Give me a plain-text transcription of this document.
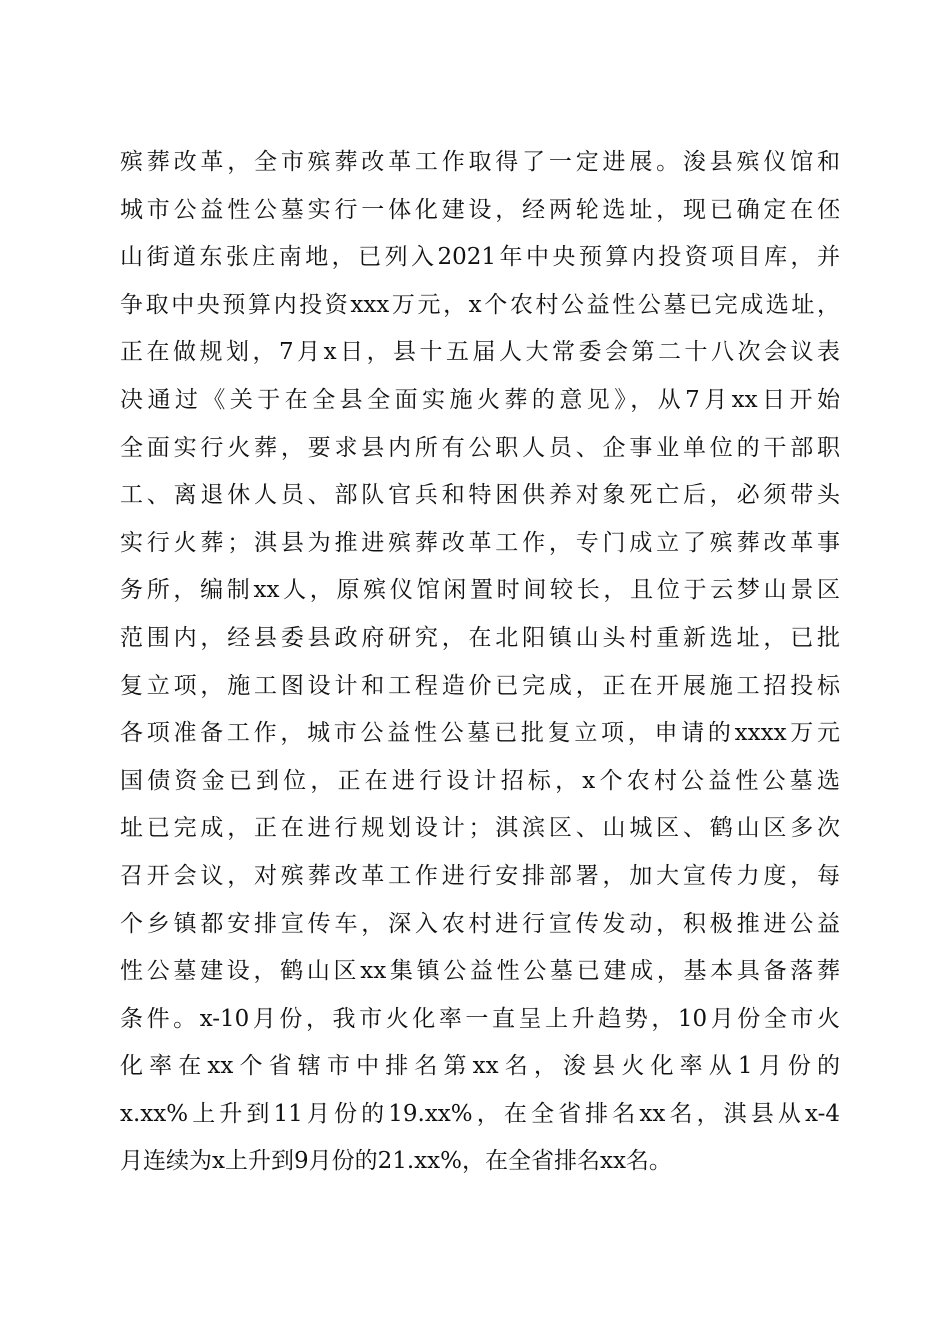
殡葬改革，全市殡葬改革工作取得了一定进展。浚县殡仪馆和
城市公益性公墓实行一体化建设，经两轮选址，现已确定在伾
山街道东张庄南地，已列入2021年中央预算内投资项目库，并
争取中央预算内投资xxx万元，x个农村公益性公墓已完成选址，
正在做规划，7月x日，县十五届人大常委会第二十八次会议表
决通过《关于在全县全面实施火葬的意见》，从7月xx日开始
全面实行火葬，要求县内所有公职人员、企事业单位的干部职
工、离退休人员、部队官兵和特困供养对象死亡后，必须带头
实行火葬；淇县为推进殡葬改革工作，专门成立了殡葬改革事
务所，编制xx人，原殡仪馆闲置时间较长，且位于云梦山景区
范围内，经县委县政府研究，在北阳镇山头村重新选址，已批
复立项，施工图设计和工程造价已完成，正在开展施工招投标
各项准备工作，城市公益性公墓已批复立项，申请的xxxx万元
国债资金已到位，正在进行设计招标，x个农村公益性公墓选
址已完成，正在进行规划设计；淇滨区、山城区、鹤山区多次
召开会议，对殡葬改革工作进行安排部署，加大宣传力度，每
个乡镇都安排宣传车，深入农村进行宣传发动，积极推进公益
性公墓建设，鹤山区xx集镇公益性公墓已建成，基本具备落葬
条件。x-10月份，我市火化率一直呈上升趋势，10月份全市火
化率在xx个省辖市中排名第xx名，浚县火化率从1月份的
x.xx%上升到11月份的19.xx%，在全省排名xx名，淇县从x-4
月连续为x上升到9月份的21.xx%，在全省排名xx名。
